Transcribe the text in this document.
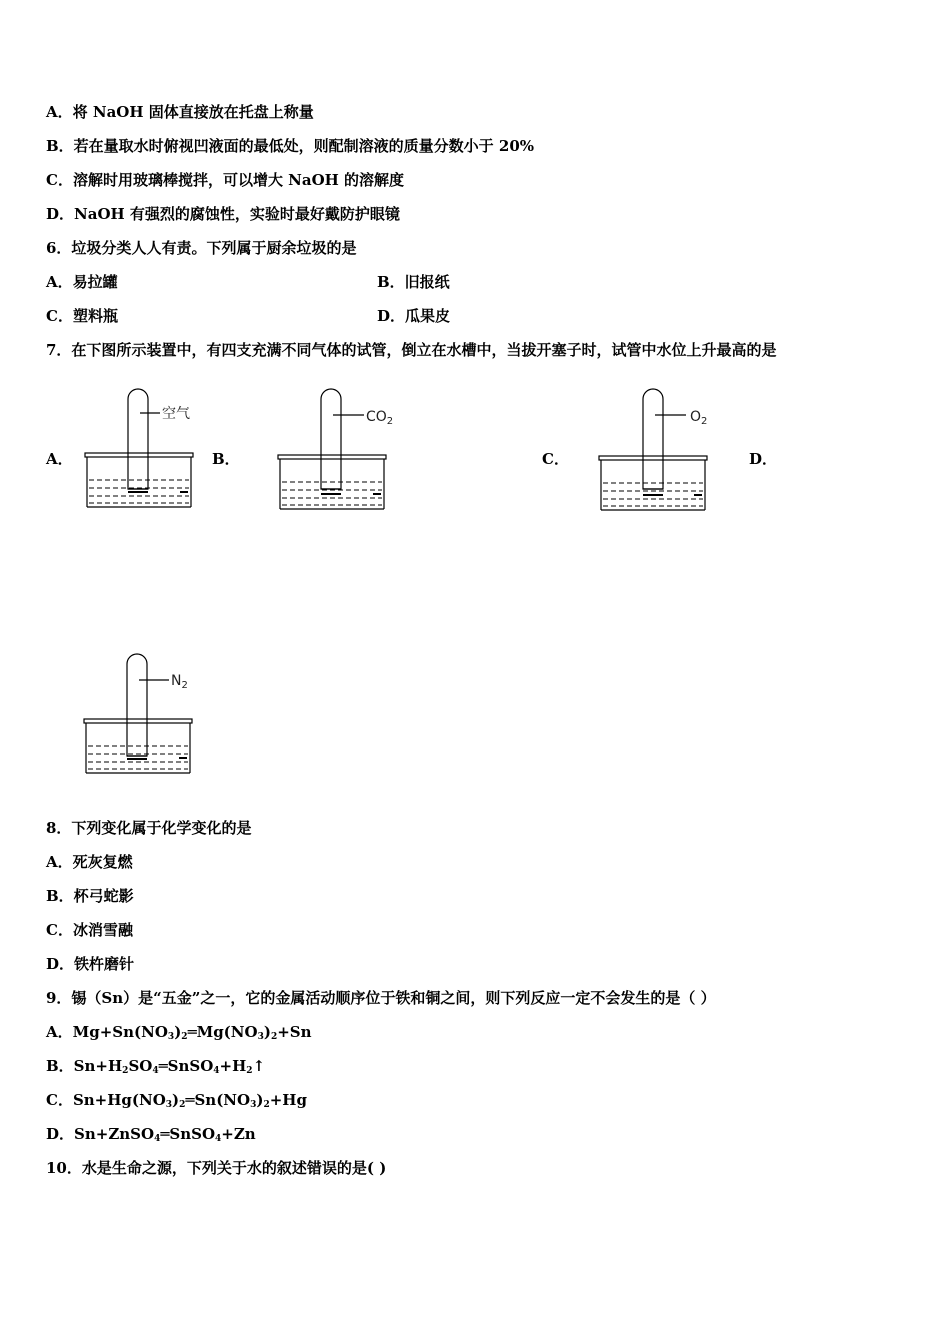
A．将 NaOH 固体直接放在托盘上称量
B．若在量取水时俯视凹液面的最低处，则配制溶液的质量分数小于 20%
C．溶解时用玻璃棒搅拌，可以增大 NaOH 的溶解度
D．NaOH 有强烈的腐蚀性，实验时最好戴防护眼镜
6．垃圾分类人人有责。下列属于厨余垃圾的是
A．易拉罐	B．旧报纸
C．塑料瓶	D．瓜果皮
7．在下图所示装置中，有四支充满不同气体的试管，倒立在水槽中，当拔开塞子时，试管中水位上升最高的是
A．	B．	C．	D．
空气	$CO_2$	$O_2$
$N_2$
8．下列变化属于化学变化的是
A．死灰复燃
B．杯弓蛇影
C．冰消雪融
D．铁杵磨针
9．锡（Sn）是“五金”之一，它的金属活动顺序位于铁和铜之间，则下列反应一定不会发生的是（ ）
A．$Mg+Sn(NO_3)_2═Mg(NO_3)_2+Sn$
B．$Sn+H_2SO_4═SnSO_4+H_2↑$
C．$Sn+Hg(NO_3)_2═Sn(NO_3)_2+Hg$
D．Sn+ZnSO$_4$═SnSO$_4$+Zn
10．水是生命之源，下列关于水的叙述错误的是( )
